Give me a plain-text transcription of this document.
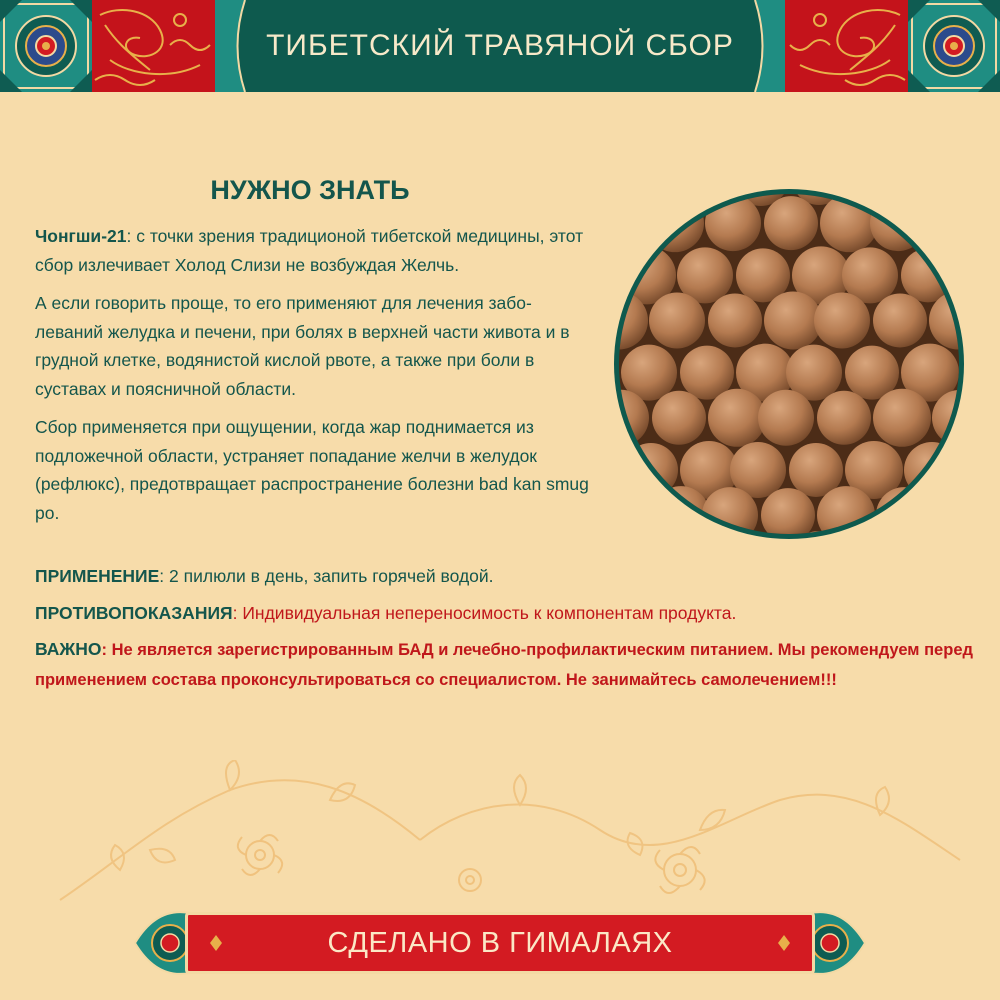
ТИБЕТСКИЙ ТРАВЯНОЙ СБОР
НУЖНО ЗНАТЬ

Чонгши-21: с точки зрения традиционой тибетской медицины, этот сбор излечивает Холод Слизи не возбуждая Желчь.

А если говорить проще, то его применяют для лечения забо-леваний желудка и печени, при болях в верхней части живота и в грудной клетке, водянистой кислой рвоте, а также при боли в суставах и поясничной области.

Сбор применяется при ощущении, когда жар поднимается из подложечной области, устраняет попадание желчи в желудок (рефлюкс), предотвращает распространение болезни bad kan smug po.

ПРИМЕНЕНИЕ: 2 пилюли в день, запить горячей водой.

ПРОТИВОПОКАЗАНИЯ: Индивидуальная непереносимость к компонентам продукта.

ВАЖНО: Не является зарегистрированным БАД и лечебно-профилактическим питанием. Мы рекомендуем перед применением состава проконсультироваться со специалистом. Не занимайтесь самолечением!!!

СДЕЛАНО В ГИМАЛАЯХ
